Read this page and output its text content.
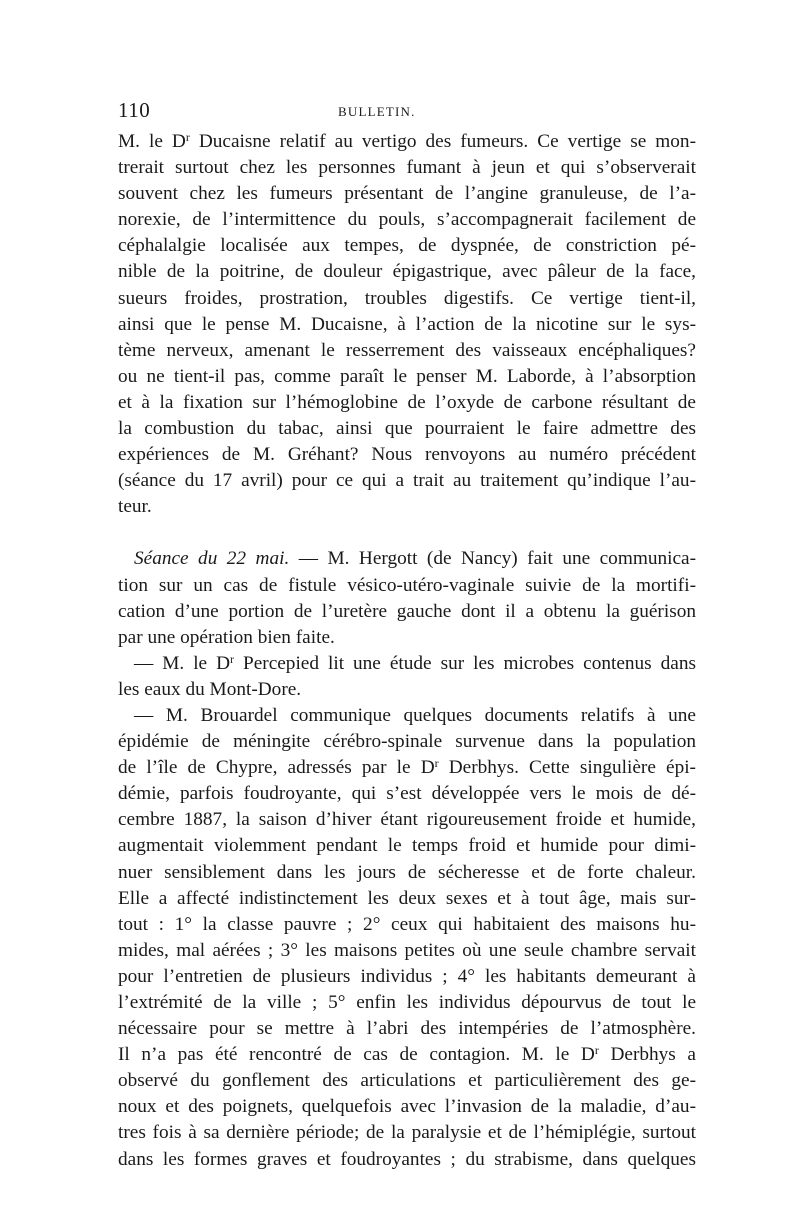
110	BULLETIN.
M. le $D^r$ Ducaisne relatif au vertigo des fumeurs. Ce vertige se mon-
trerait surtout chez les personnes fumant à jeun et qui s’observerait
souvent chez les fumeurs présentant de l’angine granuleuse, de l’a-
norexie, de l’intermittence du pouls, s’accompagnerait facilement de
céphalalgie localisée aux tempes, de dyspnée, de constriction pé-
nible de la poitrine, de douleur épigastrique, avec pâleur de la face,
sueurs froides, prostration, troubles digestifs. Ce vertige tient-il,
ainsi que le pense M. Ducaisne, à l’action de la nicotine sur le sys-
tème nerveux, amenant le resserrement des vaisseaux encéphaliques?
ou ne tient-il pas, comme paraît le penser M. Laborde, à l’absorption
et à la fixation sur l’hémoglobine de l’oxyde de carbone résultant de
la combustion du tabac, ainsi que pourraient le faire admettre des
expériences de M. Gréhant? Nous renvoyons au numéro précédent
(séance du 17 avril) pour ce qui a trait au traitement qu’indique l’au-
teur.
Séance du 22 mai. — M. Hergott (de Nancy) fait une communica-
tion sur un cas de fistule vésico-utéro-vaginale suivie de la mortifi-
cation d’une portion de l’uretère gauche dont il a obtenu la guérison
par une opération bien faite.
— M. le $D^r$ Percepied lit une étude sur les microbes contenus dans
les eaux du Mont-Dore.
— M. Brouardel communique quelques documents relatifs à une
épidémie de méningite cérébro-spinale survenue dans la population
de l’île de Chypre, adressés par le $D^r$ Derbhys. Cette singulière épi-
démie, parfois foudroyante, qui s’est développée vers le mois de dé-
cembre 1887, la saison d’hiver étant rigoureusement froide et humide,
augmentait violemment pendant le temps froid et humide pour dimi-
nuer sensiblement dans les jours de sécheresse et de forte chaleur.
Elle a affecté indistinctement les deux sexes et à tout âge, mais sur-
tout : 1° la classe pauvre ; 2° ceux qui habitaient des maisons hu-
mides, mal aérées ; 3° les maisons petites où une seule chambre servait
pour l’entretien de plusieurs individus ; 4° les habitants demeurant à
l’extrémité de la ville ; 5° enfin les individus dépourvus de tout le
nécessaire pour se mettre à l’abri des intempéries de l’atmosphère.
Il n’a pas été rencontré de cas de contagion. M. le $D^r$ Derbhys a
observé du gonflement des articulations et particulièrement des ge-
noux et des poignets, quelquefois avec l’invasion de la maladie, d’au-
tres fois à sa dernière période; de la paralysie et de l’hémiplégie, surtout
dans les formes graves et foudroyantes ; du strabisme, dans quelques
